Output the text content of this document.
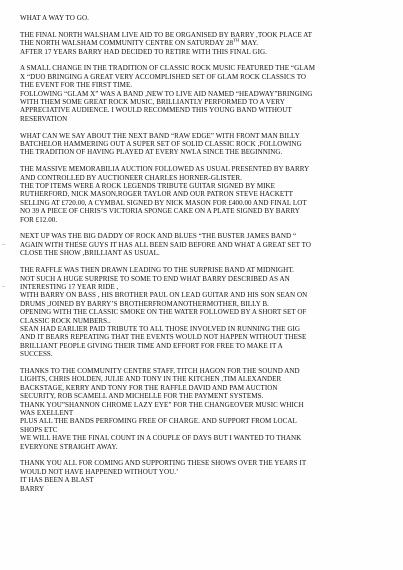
WHAT A WAY TO GO.
THE FINAL NORTH WALSHAM LIVE AID TO BE ORGANISED BY BARRY ,TOOK PLACE AT
THE NORTH WALSHAM COMMUNITY CENTRE ON SATURDAY 28TH MAY.
AFTER 17 YEARS BARRY HAD DECIDED TO RETIRE WITH THIS FINAL GIG.
A SMALL CHANGE IN THE TRADITION OF CLASSIC ROCK MUSIC FEATURED THE “GLAM
X “DUO BRINGING A GREAT VERY ACCOMPLISHED SET OF GLAM ROCK CLASSICS TO
THE EVENT FOR THE FIRST TIME.
FOLLOWING “GLAM X” WAS A BAND ,NEW TO LIVE AID NAMED “HEADWAY”BRINGING
WITH THEM SOME GREAT ROCK MUSIC, BRILLIANTLY PERFORMED TO A VERY
APPRECIATIVE AUDIENCE. I WOULD RECOMMEND THIS YOUNG BAND WITHOUT
RESERVATION
WHAT CAN WE SAY ABOUT THE NEXT BAND “RAW EDGE” WITH FRONT MAN BILLY
BATCHELOR HAMMERING OUT A SUPER SET OF SOLID CLASSIC ROCK ,FOLLOWING
THE TRADITION OF HAVING PLAYED AT EVERY NWLA SINCE THE BEGINNING.
THE MASSIVE MEMORABILIA AUCTION FOLLOWED AS USUAL PRESENTED BY BARRY
AND CONTROLLED BY AUCTIONEER CHARLES HORNER-GLISTER.
THE TOP ITEMS WERE A ROCK LEGENDS TRIBUTE GUITAR SIGNED BY MIKE
RUTHERFORD, NICK MASON,ROGER TAYLOR AND OUR PATRON STEVE HACKETT
SELLING AT £720.00, A CYMBAL SIGNED BY NICK MASON FOR £400.00 AND FINAL LOT
NO 39 A PIECE OF CHRIS’S VICTORIA SPONGE CAKE ON A PLATE SIGNED BY BARRY
FOR £12.00.
NEXT UP WAS THE BIG DADDY OF ROCK AND BLUES “THE BUSTER JAMES BAND “
AGAIN WITH THESE GUYS IT HAS ALL BEEN SAID BEFORE AND WHAT A GREAT SET TO
CLOSE THE SHOW ,BRILLIANT AS USUAL.
THE RAFFLE WAS THEN DRAWN LEADING TO THE SURPRISE BAND AT MIDNIGHT.
NOT SUCH A HUGE SURPRISE TO SOME TO END WHAT BARRY DESCRIBED AS AN
INTERESTING 17 YEAR RIDE ,
WITH BARRY ON BASS , HIS BROTHER PAUL ON LEAD GUITAR AND HIS SON SEAN ON
DRUMS ,JOINED BY BARRY’S BROTHERFROMANOTHERMOTHER, BILLY B.
OPENING WITH THE CLASSIC SMOKE ON THE WATER FOLLOWED BY A SHORT SET OF
CLASSIC ROCK NUMBERS..
SEAN HAD EARLIER PAID TRIBUTE TO ALL THOSE INVOLVED IN RUNNING THE GIG
AND IT BEARS REPEATING THAT THE EVENTS WOULD NOT HAPPEN WITHOUT THESE
BRILLIANT PEOPLE GIVING THEIR TIME AND EFFORT FOR FREE TO MAKE IT A
SUCCESS.
THANKS TO THE COMMUNITY CENTRE STAFF, TITCH HAGON FOR THE SOUND AND
LIGHTS, CHRIS HOLDEN, JULIE AND TONY IN THE KITCHEN ,TIM ALEXANDER
BACKSTAGE, KERRY AND TONY FOR THE RAFFLE DAVID AND PAM AUCTION
SECURITY, ROB SCAMELL AND MICHELLE FOR THE PAYMENT SYSTEMS.
THANK YOU”SHANNON CHROME LAZY EYE” FOR THE CHANGEOVER MUSIC WHICH
WAS EXELLENT
PLUS ALL THE BANDS PERFOMING FREE OF CHARGE. AND SUPPORT FROM LOCAL
SHOPS ETC
WE WILL HAVE THE FINAL COUNT IN A COUPLE OF DAYS BUT I WANTED TO THANK
EVERYONE STRAIGHT AWAY.
THANK YOU ALL FOR COMING AND SUPPORTING THESE SHOWS OVER THE YEARS IT
WOULD NOT HAVE HAPPENED WITHOUT YOU.’
IT HAS BEEN A BLAST
BARRY
